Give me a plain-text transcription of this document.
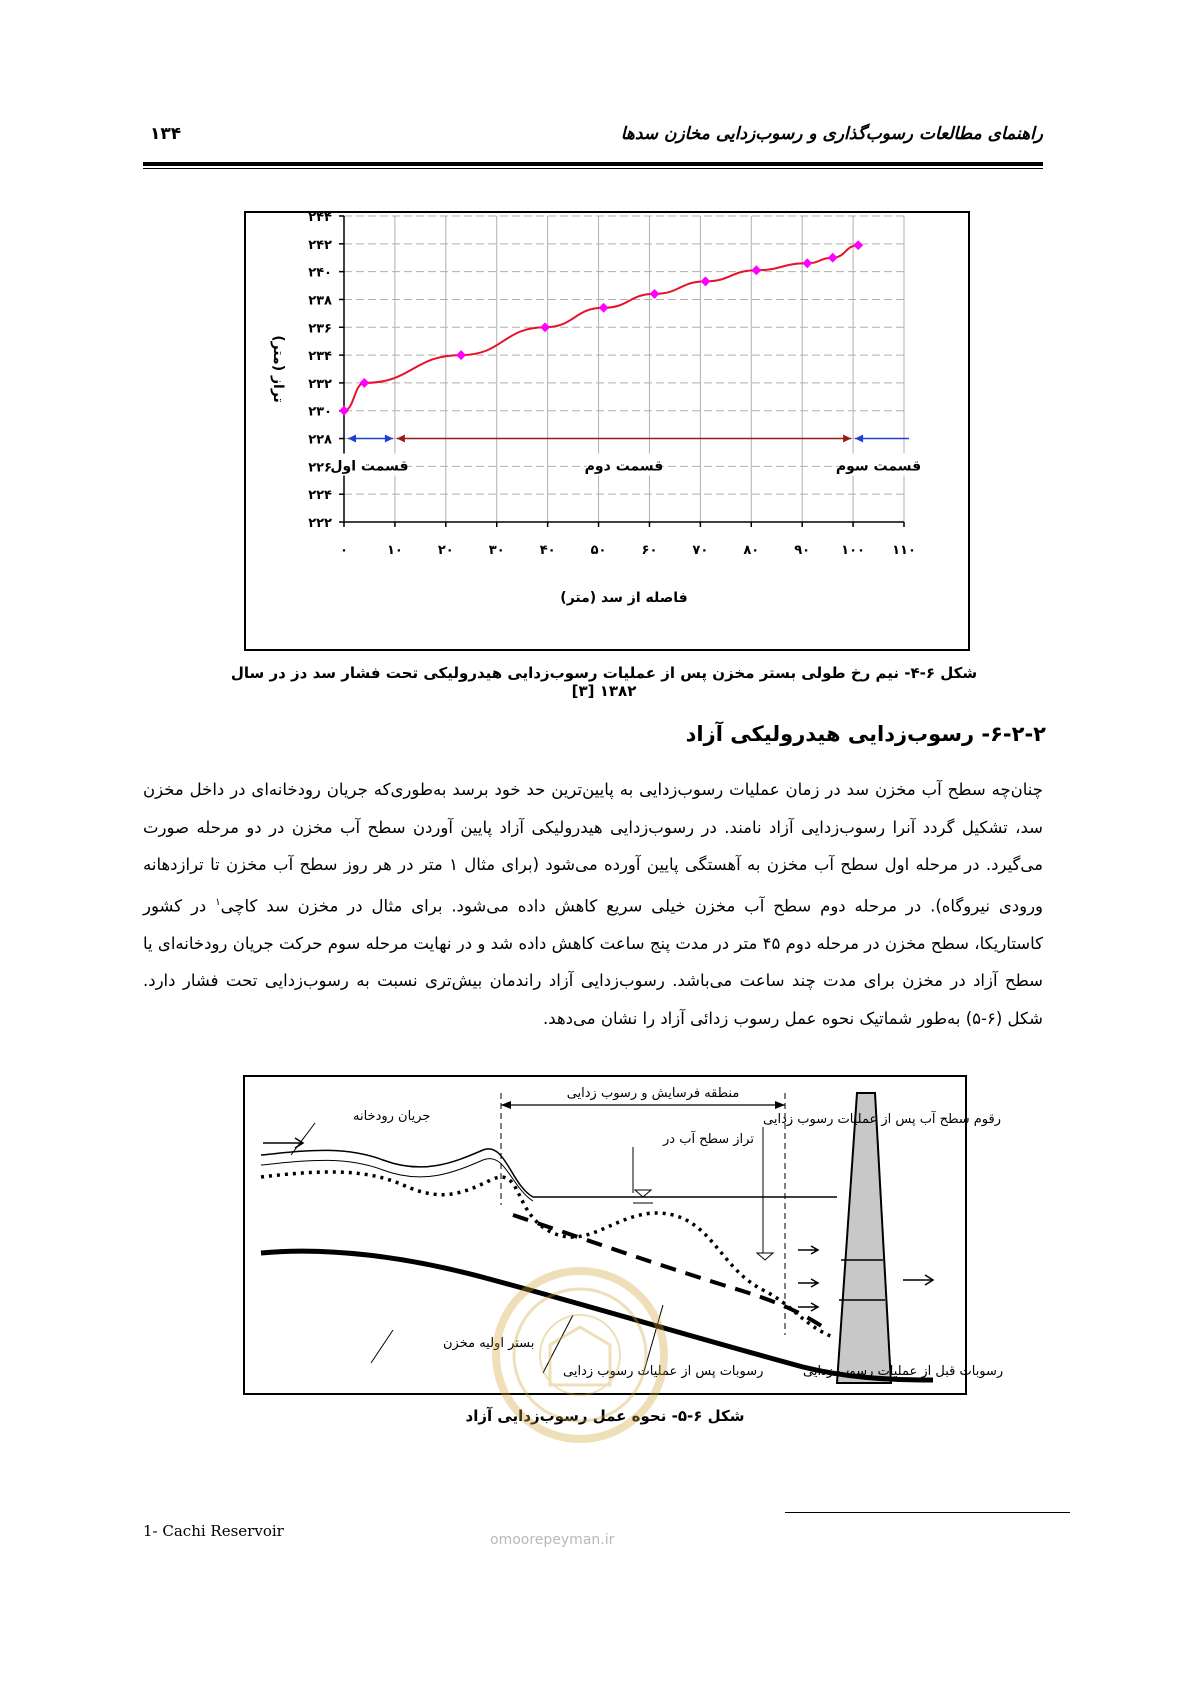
راهنمای مطالعات رسوب‌گذاری و رسوب‌زدایی مخازن سدها
۱۳۴
۲۲۲
۲۲۴
۲۲۶
۲۲۸
۲۳۰
۲۳۲
۲۳۴
۲۳۶
۲۳۸
۲۴۰
۲۴۲
۲۴۴
۰	۱۰	۲۰	۳۰	۴۰	۵۰	۶۰	۷۰	۸۰	۹۰ ۱۰۰ ۱۱۰
قسمت اول	قسمت دوم	قسمت سوم
فاصله از سد (متر)
تراز (متر)
شکل ۶-۴- نیم رخ طولی بستر مخزن پس از عملیات رسوب‌زدایی هیدرولیکی تحت فشار سد دز در سال ۱۳۸۲ [۳]
۶-۲-۲- رسوب‌زدایی هیدرولیکی آزاد

چنان‌چه سطح آب مخزن سد در زمان عملیات رسوب‌زدایی به پایین‌ترین حد خود برسد به‌طوری‌که جریان رودخانه‌ای در داخل مخزن سد، تشکیل گردد آنرا رسوب‌زدایی آزاد نامند. در رسوب‌زدایی هیدرولیکی آزاد پایین آوردن سطح آب مخزن در دو مرحله صورت می‌گیرد. در مرحله اول سطح آب مخزن به آهستگی پایین آورده می‌شود (برای مثال ۱ متر در هر روز سطح آب مخزن تا ترازدهانه ورودی نیروگاه). در مرحله دوم سطح آب مخزن خیلی سریع کاهش داده می‌شود. برای مثال در مخزن سد کاچی$^۱$ در کشور کاستاریکا، سطح مخزن در مرحله دوم ۴۵ متر در مدت پنج ساعت کاهش داده شد و در نهایت مرحله سوم حرکت جریان رودخانه‌ای یا سطح آزاد در مخزن برای مدت چند ساعت می‌باشد. رسوب‌زدایی آزاد راندمان بیش‌تری نسبت به رسوب‌زدایی تحت فشار دارد. شکل (۶-۵) به‌طور شماتیک نحوه عمل رسوب زدائی آزاد را نشان می‌دهد.

جریان رودخانه
منطقه فرسایش و رسوب زدایی
رقوم سطح آب پس از عملیات رسوب زدایی
تراز سطح آب در
بستر اولیه مخزن
رسوبات پس از عملیات رسوب زدایی	رسوبات قبل از عملیات رسوب زدایی
شکل ۶-۵- نحوه عمل رسوب‌زدایی آزاد
1- Cachi Reservoir	omoorepeyman.ir
